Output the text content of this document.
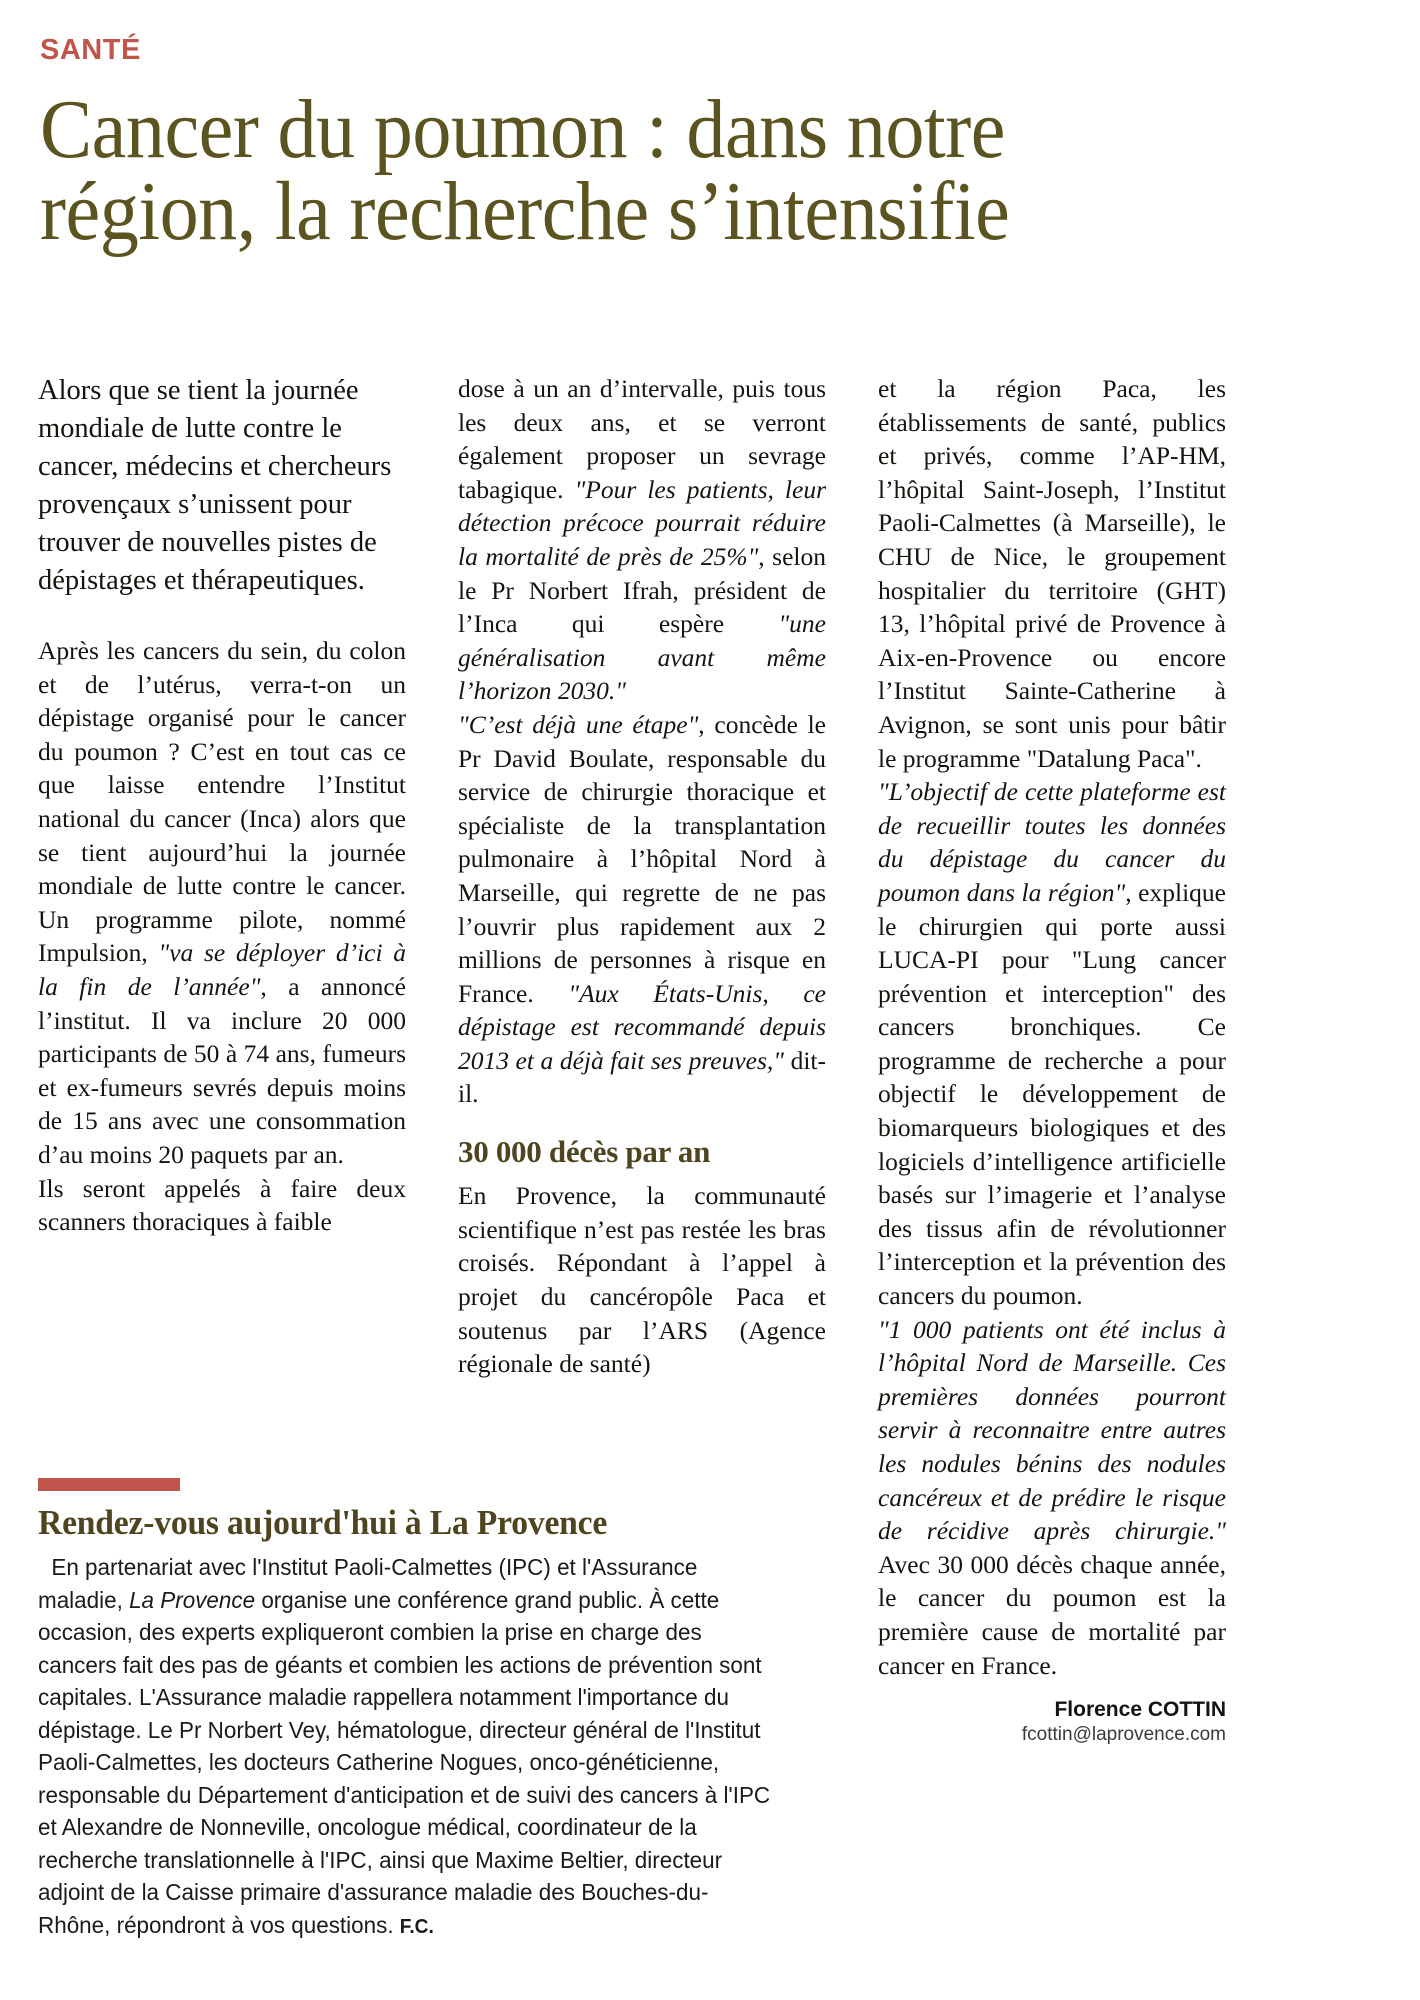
SANTÉ
Cancer du poumon : dans notre
région, la recherche s’intensifie

Alors que se tient la journée mondiale de lutte contre le cancer, médecins et chercheurs provençaux s’unissent pour trouver de nouvelles pistes de dépistages et thérapeutiques.

Après les cancers du sein, du colon et de l’utérus, verra-t-on un dépistage organisé pour le cancer du poumon ? C’est en tout cas ce que laisse entendre l’Institut national du cancer (Inca) alors que se tient aujourd’hui la journée mondiale de lutte contre le cancer. Un programme pilote, nommé Impulsion, "va se déployer d’ici à la fin de l’année", a annoncé l’institut. Il va inclure 20 000 participants de 50 à 74 ans, fumeurs et ex-fumeurs sevrés depuis moins de 15 ans avec une consommation d’au moins 20 paquets par an.

Ils seront appelés à faire deux scanners thoraciques à faible

dose à un an d’intervalle, puis tous les deux ans, et se verront également proposer un sevrage tabagique. "Pour les patients, leur détection précoce pourrait réduire la mortalité de près de 25%", selon le Pr Norbert Ifrah, président de l’Inca qui espère "une généralisation avant même l’horizon 2030."

"C’est déjà une étape", concède le Pr David Boulate, responsable du service de chirurgie thoracique et spécialiste de la transplantation pulmonaire à l’hôpital Nord à Marseille, qui regrette de ne pas l’ouvrir plus rapidement aux 2 millions de personnes à risque en France. "Aux États-Unis, ce dépistage est recommandé depuis 2013 et a déjà fait ses preuves," dit-il.

30 000 décès par an

En Provence, la communauté scientifique n’est pas restée les bras croisés. Répondant à l’appel à projet du cancéropôle Paca et soutenus par l’ARS (Agence régionale de santé)

et la région Paca, les établissements de santé, publics et privés, comme l’AP-HM, l’hôpital Saint-Joseph, l’Institut Paoli-Calmettes (à Marseille), le CHU de Nice, le groupement hospitalier du territoire (GHT) 13, l’hôpital privé de Provence à Aix-en-Provence ou encore l’Institut Sainte-Catherine à Avignon, se sont unis pour bâtir le programme "Datalung Paca".

"L’objectif de cette plateforme est de recueillir toutes les données du dépistage du cancer du poumon dans la région", explique le chirurgien qui porte aussi LUCA-PI pour "Lung cancer prévention et interception" des cancers bronchiques. Ce programme de recherche a pour objectif le développement de biomarqueurs biologiques et des logiciels d’intelligence artificielle basés sur l’imagerie et l’analyse des tissus afin de révolutionner l’interception et la prévention des cancers du poumon.

"1 000 patients ont été inclus à l’hôpital Nord de Marseille. Ces premières données pourront servir à reconnaitre entre autres les nodules bénins des nodules cancéreux et de prédire le risque de récidive après chirurgie." Avec 30 000 décès chaque année, le cancer du poumon est la première cause de mortalité par cancer en France.

Florence COTTIN
fcottin@laprovence.com
Rendez-vous aujourd'hui à La Provence
En partenariat avec l'Institut Paoli-Calmettes (IPC) et l'Assurance maladie, La Provence organise une conférence grand public. À cette occasion, des experts expliqueront combien la prise en charge des cancers fait des pas de géants et combien les actions de prévention sont capitales. L'Assurance maladie rappellera notamment l'importance du dépistage. Le Pr Norbert Vey, hématologue, directeur général de l'Institut Paoli-Calmettes, les docteurs Catherine Nogues, onco-généticienne, responsable du Département d'anticipation et de suivi des cancers à l'IPC et Alexandre de Nonneville, oncologue médical, coordinateur de la recherche translationnelle à l'IPC, ainsi que Maxime Beltier, directeur adjoint de la Caisse primaire d'assurance maladie des Bouches-du-Rhône, répondront à vos questions. F.C.
